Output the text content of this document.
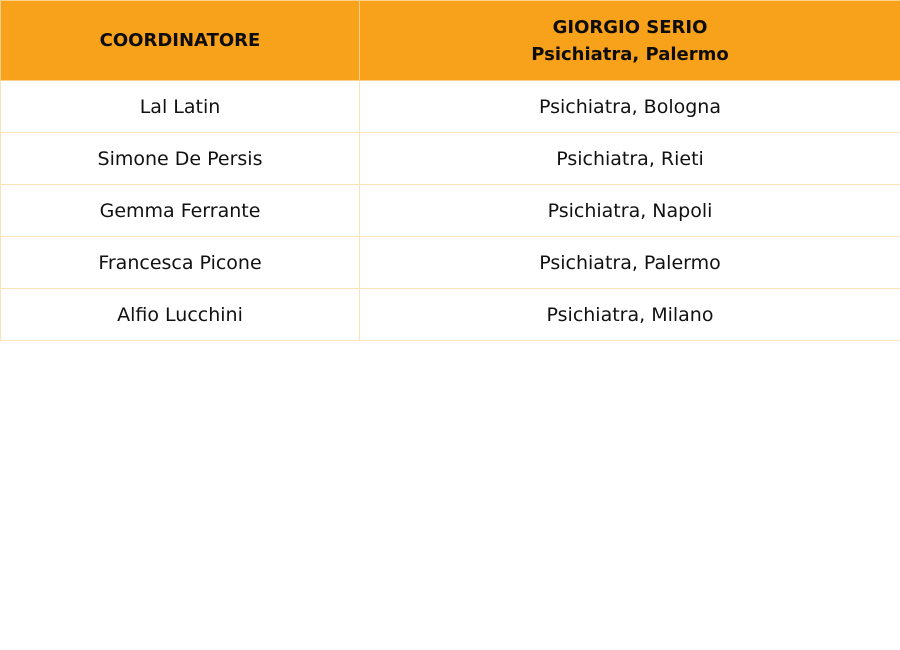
COORDINATORE	GIORGIO SERIO
Psichiatra, Palermo

Lal Latin	Psichiatra, Bologna
Simone De Persis	Psichiatra, Rieti
Gemma Ferrante	Psichiatra, Napoli
Francesca Picone	Psichiatra, Palermo
Alfio Lucchini	Psichiatra, Milano
